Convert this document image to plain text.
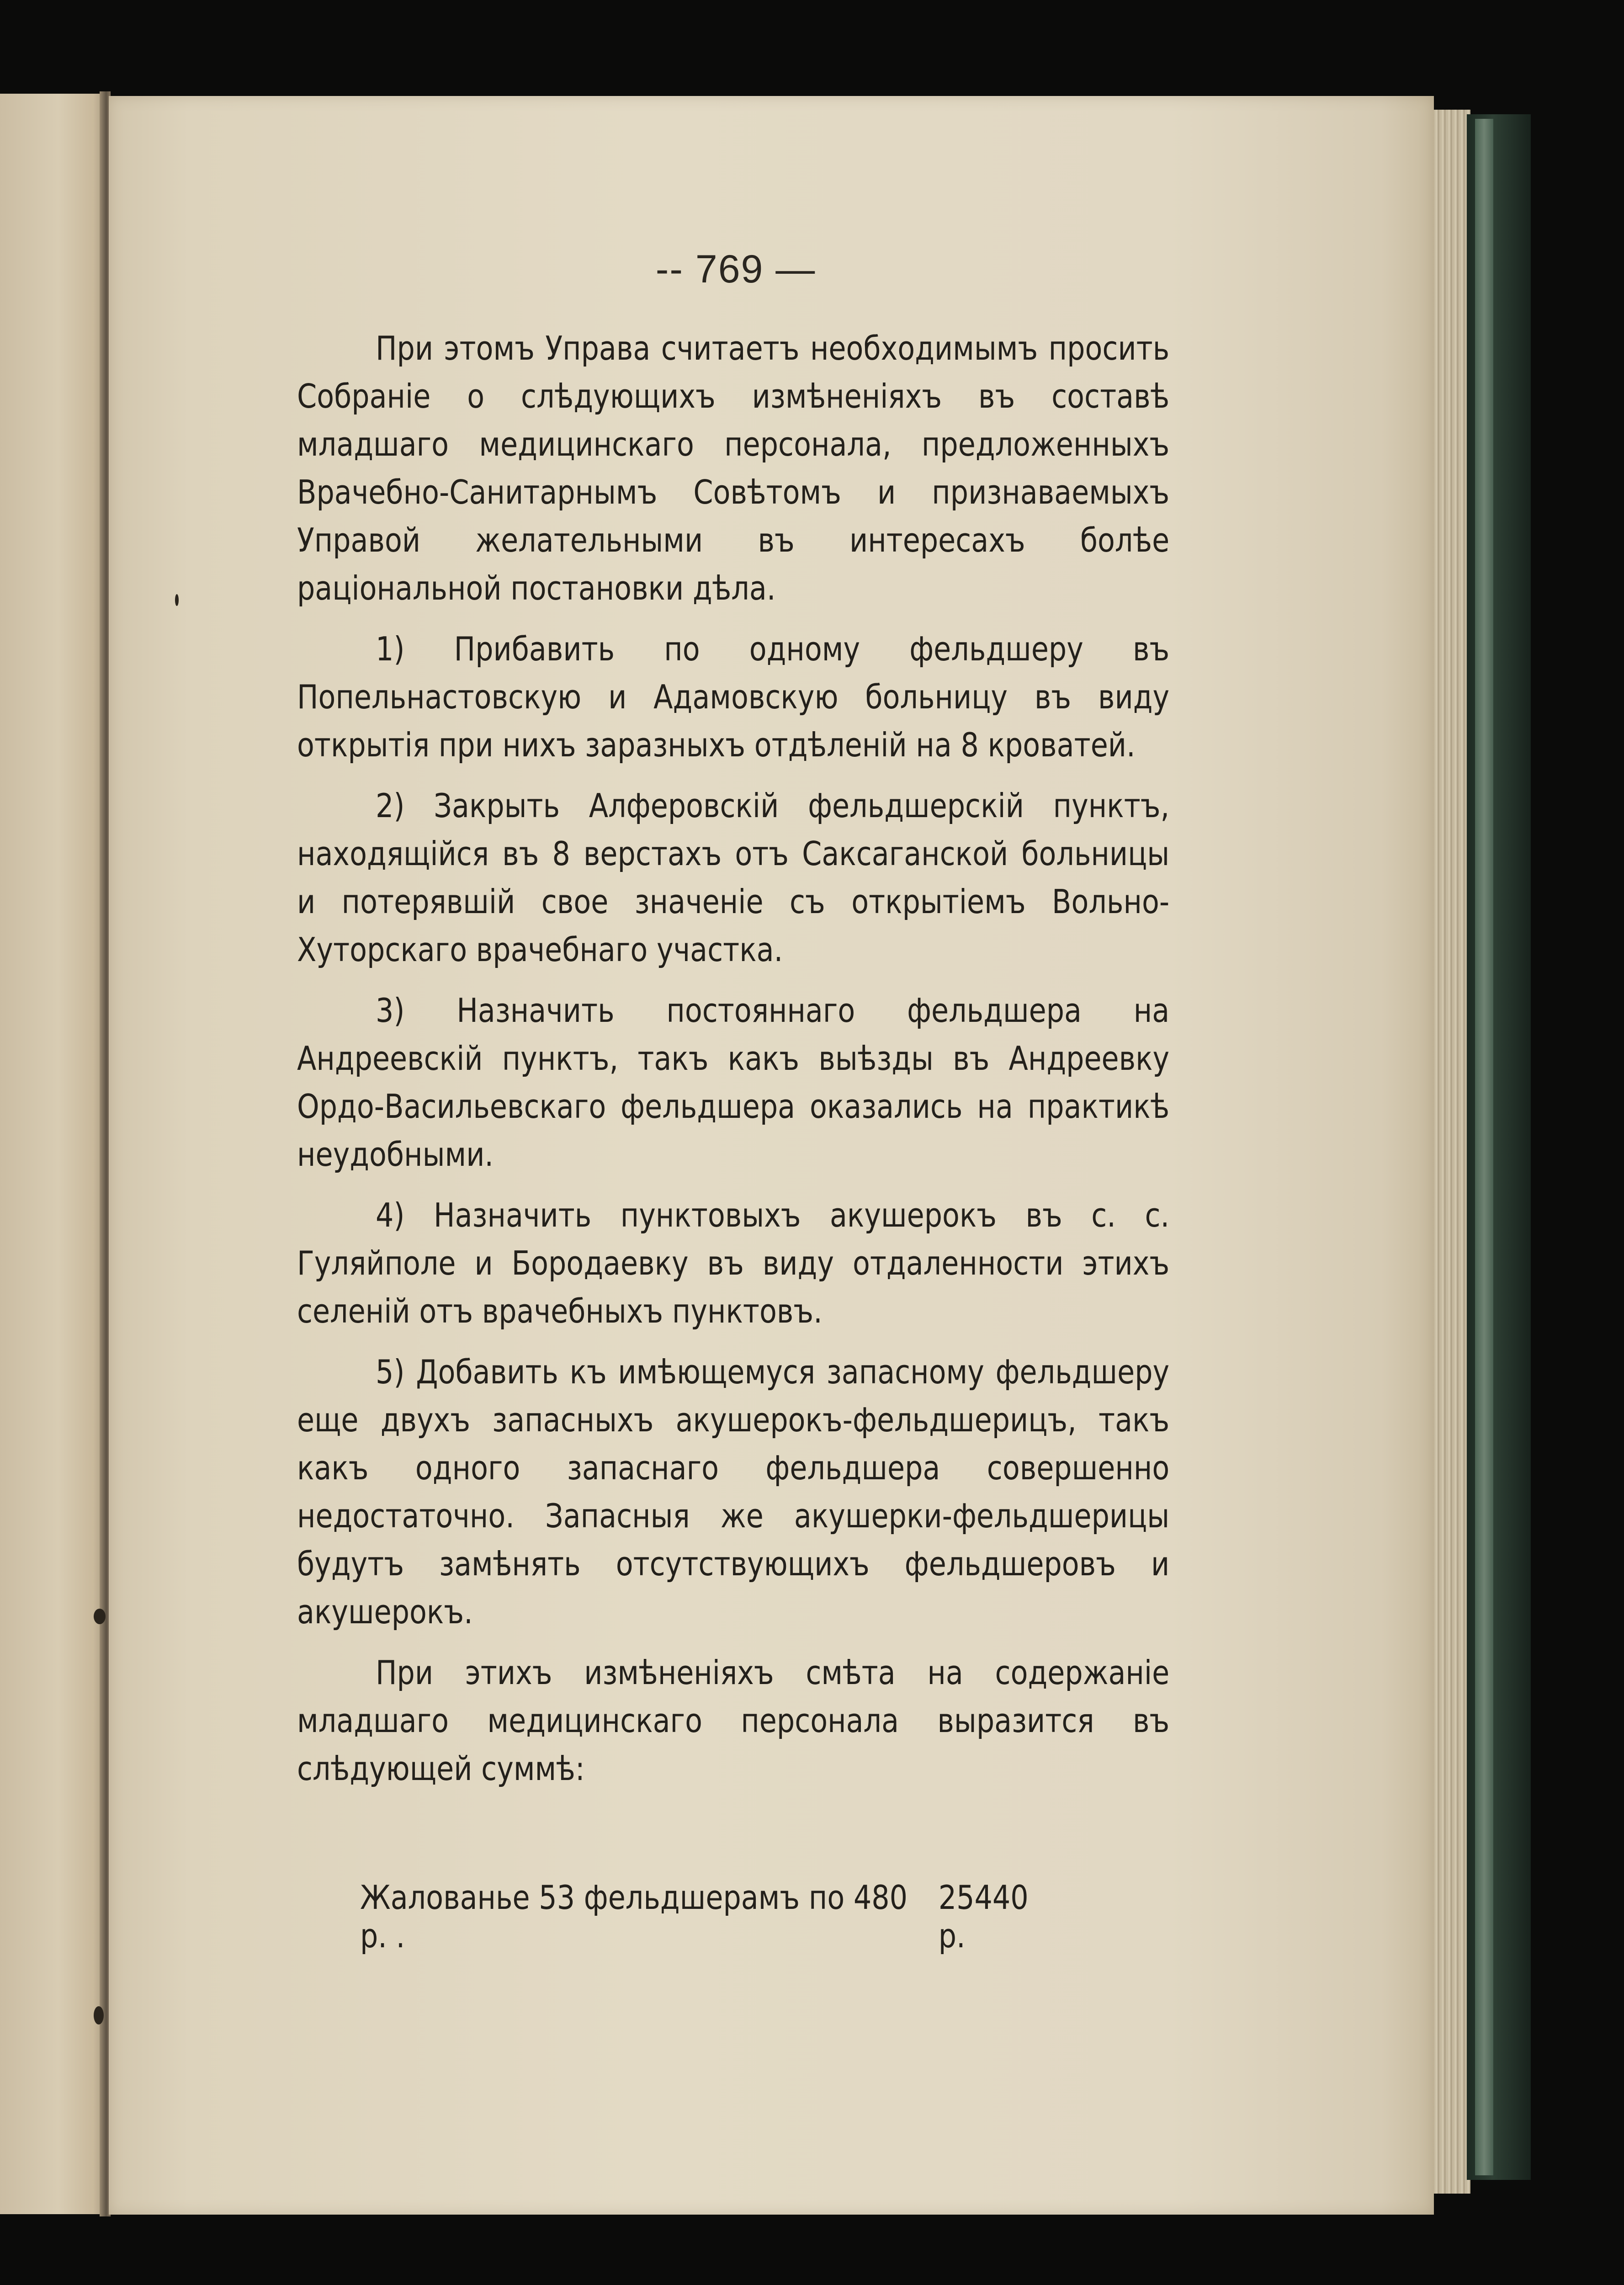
-- 769 —

При этомъ Управа считаетъ необходимымъ просить Собраніе о слѣдующихъ измѣненіяхъ въ составѣ младшаго медицинскаго персонала, предложенныхъ Врачебно-Санитарнымъ Совѣтомъ и признаваемыхъ Управой желательными въ интересахъ болѣе раціональной постановки дѣла.

1) Прибавить по одному фельдшеру въ Попельнастовскую и Адамовскую больницу въ виду открытія при нихъ заразныхъ отдѣленій на 8 кроватей.

2) Закрыть Алферовскій фельдшерскій пунктъ, находящійся въ 8 верстахъ отъ Саксаганской больницы и потерявшій свое значеніе съ открытіемъ Вольно-Хуторскаго врачебнаго участка.

3) Назначить постояннаго фельдшера на Андреевскій пунктъ, такъ какъ выѣзды въ Андреевку Ордо-Васильевскаго фельдшера оказались на практикѣ неудобными.

4) Назначить пунктовыхъ акушерокъ въ с. с. Гуляйполе и Бородаевку въ виду отдаленности этихъ селеній отъ врачебныхъ пунктовъ.

5) Добавить къ имѣющемуся запасному фельдшеру еще двухъ запасныхъ акушерокъ-фельдшерицъ, такъ какъ одного запаснаго фельдшера совершенно недостаточно. Запасныя же акушерки-фельдшерицы будутъ замѣнять отсутствующихъ фельдшеровъ и акушерокъ.

При этихъ измѣненіяхъ смѣта на содержаніе младшаго медицинскаго персонала выразится въ слѣдующей суммѣ:

Жалованье 53 фельдшерамъ по 480 р. .
25440 р.
